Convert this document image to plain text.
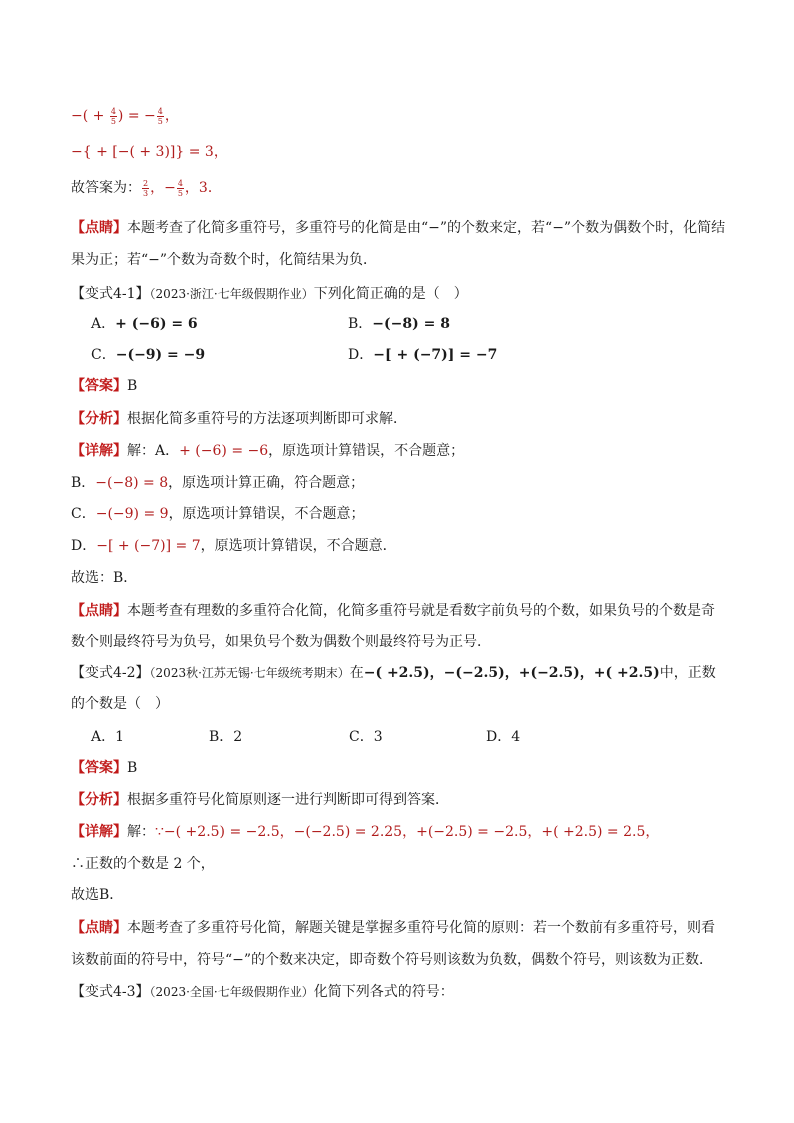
−( + $\frac{4}{5}$ ) = − $\frac{4}{5}$ ，
−{ + [−( + 3)]} = 3，
故答案为： $\frac{2}{3}$ ，− $\frac{4}{5}$ ，3．
【点睛】本题考查了化简多重符号，多重符号的化简是由“−”的个数来定，若“−”个数为偶数个时，化简结
果为正；若“−”个数为奇数个时，化简结果为负．
【变式4-1】（2023·浙江·七年级假期作业）下列化简正确的是（　）
A．+ (−6) = 6	B．−(−8) = 8
C．−(−9) = −9	D．−[ + (−7)] = −7
【答案】B
【分析】根据化简多重符号的方法逐项判断即可求解．
【详解】解：A．+ (−6) = −6，原选项计算错误，不合题意；
B．−(−8) = 8，原选项计算正确，符合题意；
C．−(−9) = 9，原选项计算错误，不合题意；
D．−[ + (−7)] = 7，原选项计算错误，不合题意．
故选：B．
【点睛】本题考查有理数的多重符合化简，化简多重符号就是看数字前负号的个数，如果负号的个数是奇
数个则最终符号为负号，如果负号个数为偶数个则最终符号为正号．
【变式4-2】（2023秋·江苏无锡·七年级统考期末）在−( +2.5)，−(−2.5)，+(−2.5)，+( +2.5)中，正数
的个数是（　）
A．1	B．2	C．3	D．4
【答案】B
【分析】根据多重符号化简原则逐一进行判断即可得到答案．
【详解】解：∵−( +2.5) = −2.5，−(−2.5) = 2.25，+(−2.5) = −2.5，+( +2.5) = 2.5，
∴正数的个数是 2 个，
故选B．
【点睛】本题考查了多重符号化简，解题关键是掌握多重符号化简的原则：若一个数前有多重符号，则看
该数前面的符号中，符号“−”的个数来决定，即奇数个符号则该数为负数，偶数个符号，则该数为正数．
【变式4-3】（2023·全国·七年级假期作业）化简下列各式的符号：
